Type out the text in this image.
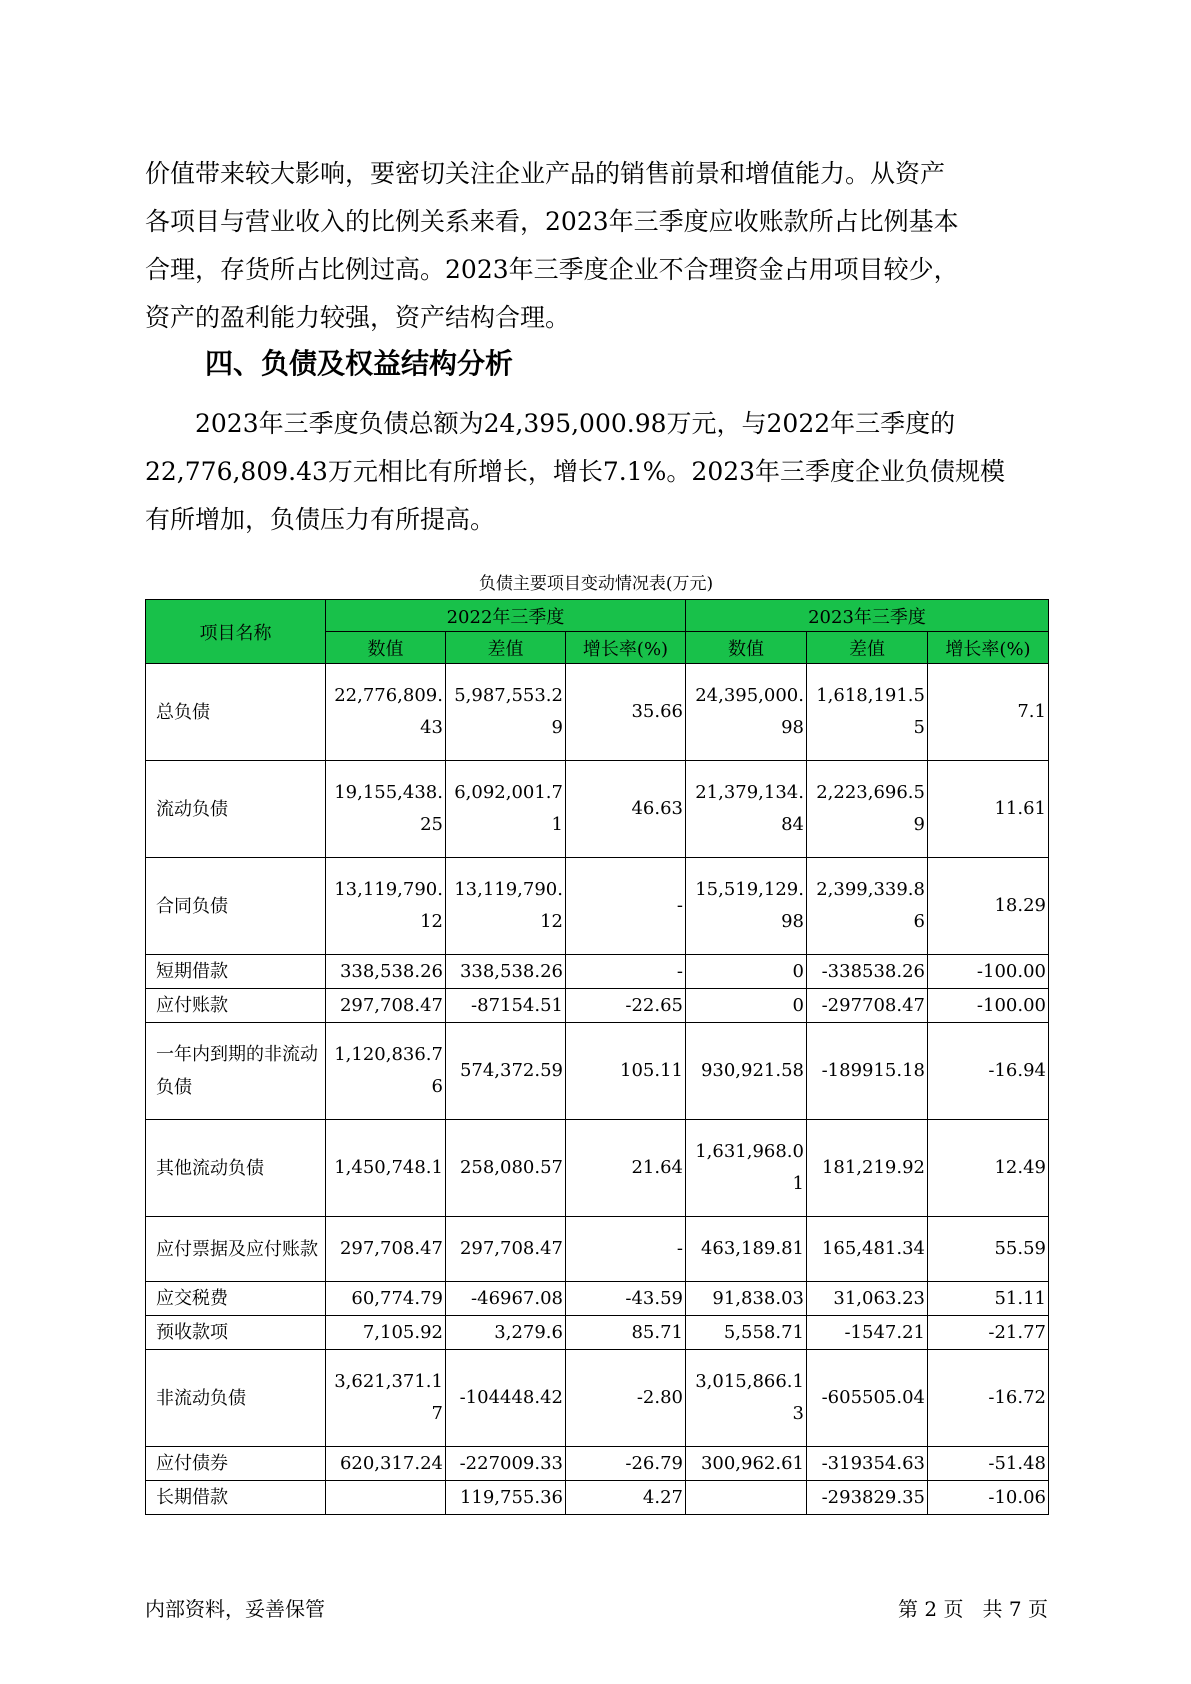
价值带来较大影响，要密切关注企业产品的销售前景和增值能力。从资产
各项目与营业收入的比例关系来看，2023年三季度应收账款所占比例基本
合理，存货所占比例过高。2023年三季度企业不合理资金占用项目较少，
资产的盈利能力较强，资产结构合理。

四、负债及权益结构分析

2023年三季度负债总额为24,395,000.98万元，与2022年三季度的
22,776,809.43万元相比有所增长，增长7.1%。2023年三季度企业负债规模
有所增加，负债压力有所提高。

负债主要项目变动情况表(万元)
项目名称	2022年三季度			2023年三季度		
	数值	差值	增长率(%)	数值	差值	增长率(%)
总负债	22,776,809.43	5,987,553.29	35.66	24,395,000.98	1,618,191.55	7.1
流动负债	19,155,438.25	6,092,001.71	46.63	21,379,134.84	2,223,696.59	11.61
合同负债	13,119,790.12	13,119,790.12	-	15,519,129.98	2,399,339.86	18.29
短期借款	338,538.26	338,538.26	-	0	-338538.26	-100.00
应付账款	297,708.47	-87154.51	-22.65	0	-297708.47	-100.00
一年内到期的非流动负债	1,120,836.76	574,372.59	105.11	930,921.58	-189915.18	-16.94
其他流动负债	1,450,748.1	258,080.57	21.64	1,631,968.01	181,219.92	12.49
应付票据及应付账款	297,708.47	297,708.47	-	463,189.81	165,481.34	55.59
应交税费	60,774.79	-46967.08	-43.59	91,838.03	31,063.23	51.11
预收款项	7,105.92	3,279.6	85.71	5,558.71	-1547.21	-21.77
非流动负债	3,621,371.17	-104448.42	-2.80	3,015,866.13	-605505.04	-16.72
应付债券	620,317.24	-227009.33	-26.79	300,962.61	-319354.63	-51.48
长期借款		119,755.36	4.27		-293829.35	-10.06
内部资料，妥善保管	第 2 页   共 7 页
